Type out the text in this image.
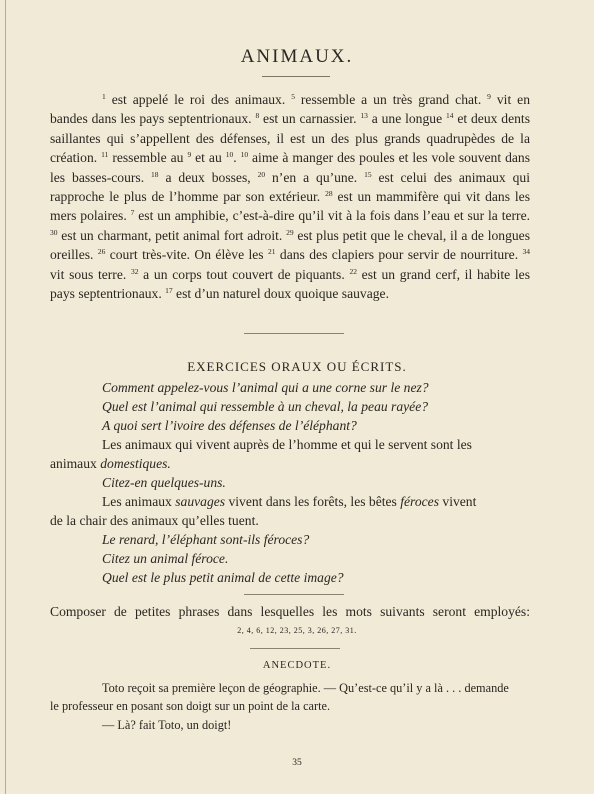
ANIMAUX.

$^1$ est appelé le roi des animaux. $^5$ ressemble a un très grand chat. $^9$ vit en bandes dans les pays septentrionaux. $^8$ est un carnassier. $^{13}$ a une longue $^{14}$ et deux dents saillantes qui s’appellent des défenses, il est un des plus grands quadrupèdes de la création. $^{11}$ ressemble au $^9$ et au $^{10}$. $^{10}$ aime à manger des poules et les vole souvent dans les basses-cours. $^{18}$ a deux bosses, $^{20}$ n’en a qu’une. $^{15}$ est celui des animaux qui rapproche le plus de l’homme par son extérieur. $^{28}$ est un mammifère qui vit dans les mers polaires. $^7$ est un amphibie, c’est-à-dire qu’il vit à la fois dans l’eau et sur la terre. $^{30}$ est un charmant, petit animal fort adroit. $^{29}$ est plus petit que le cheval, il a de longues oreilles. $^{26}$ court très-vite. On élève les $^{21}$ dans des clapiers pour servir de nourriture. $^{34}$ vit sous terre. $^{32}$ a un corps tout couvert de piquants. $^{22}$ est un grand cerf, il habite les pays septentrionaux. $^{17}$ est d’un naturel doux quoique sauvage.

EXERCICES ORAUX OU ÉCRITS.
Comment appelez-vous l’animal qui a une corne sur le nez?
Quel est l’animal qui ressemble à un cheval, la peau rayée?
A quoi sert l’ivoire des défenses de l’éléphant?
Les animaux qui vivent auprès de l’homme et qui le servent sont les
animaux domestiques.
Citez-en quelques-uns.
Les animaux sauvages vivent dans les forêts, les bêtes féroces vivent
de la chair des animaux qu’elles tuent.
Le renard, l’éléphant sont-ils féroces?
Citez un animal féroce.
Quel est le plus petit animal de cette image?
Composer de petites phrases dans lesquelles les mots suivants seront employés:
2, 4, 6, 12, 23, 25, 3, 26, 27, 31.
ANECDOTE.

Toto reçoit sa première leçon de géographie. — Qu’est-ce qu’il y a là . . . demande

le professeur en posant son doigt sur un point de la carte.

— Là? fait Toto, un doigt!

35
